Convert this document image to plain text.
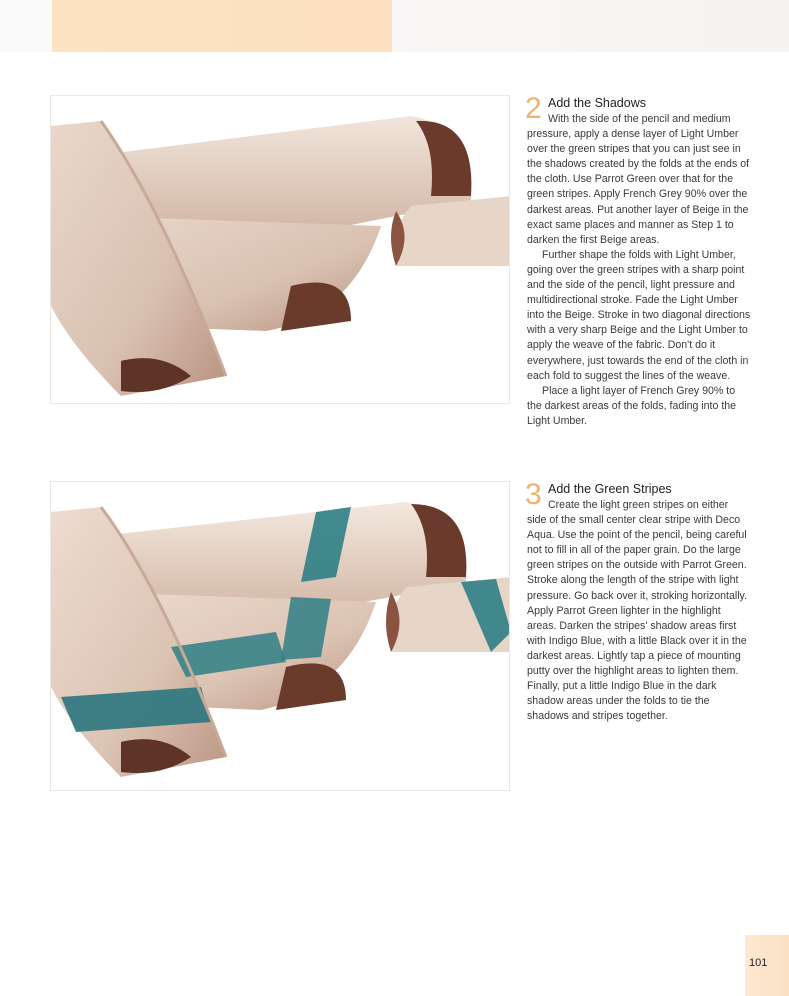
2 Add the Shadows

With the side of the pencil and medium

pressure, apply a dense layer of Light Umber over the green stripes that you can just see in the shadows created by the folds at the ends of the cloth. Use Parrot Green over that for the green stripes. Apply French Grey 90% over the darkest areas. Put another layer of Beige in the exact same places and manner as Step 1 to darken the first Beige areas.

Further shape the folds with Light Umber, going over the green stripes with a sharp point and the side of the pencil, light pressure and multidirectional stroke. Fade the Light Umber into the Beige. Stroke in two diagonal directions with a very sharp Beige and the Light Umber to apply the weave of the fabric. Don't do it everywhere, just towards the end of the cloth in each fold to suggest the lines of the weave.

Place a light layer of French Grey 90% to the darkest areas of the folds, fading into the Light Umber.

3 Add the Green Stripes

Create the light green stripes on either

side of the small center clear stripe with Deco Aqua. Use the point of the pencil, being careful not to fill in all of the paper grain. Do the large green stripes on the outside with Parrot Green. Stroke along the length of the stripe with light pressure. Go back over it, stroking horizontally. Apply Parrot Green lighter in the highlight areas. Darken the stripes' shadow areas first with Indigo Blue, with a little Black over it in the darkest areas. Lightly tap a piece of mounting putty over the highlight areas to lighten them. Finally, put a little Indigo Blue in the dark shadow areas under the folds to tie the shadows and stripes together.

101
